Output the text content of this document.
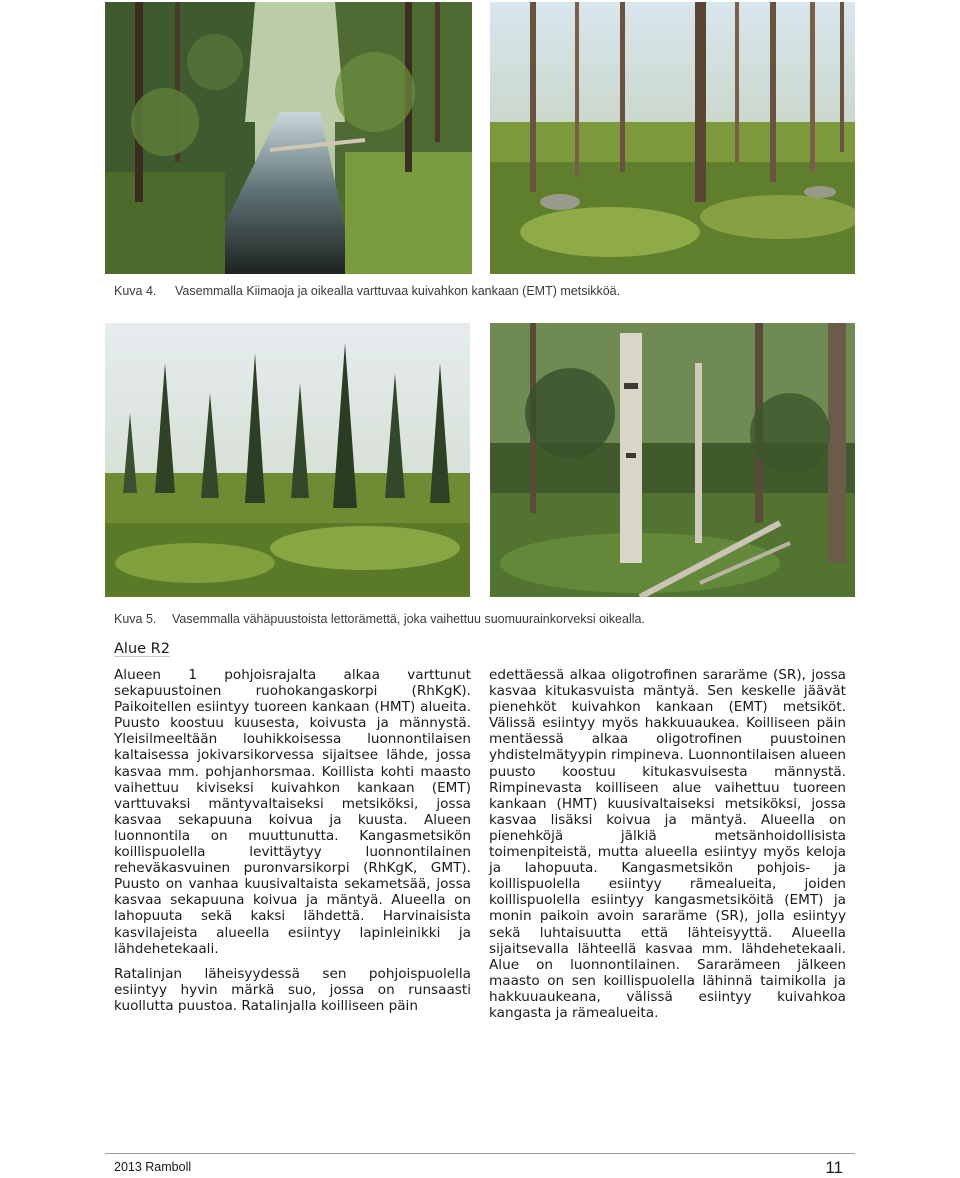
Kuva 4. Vasemmalla Kiimaoja ja oikealla varttuvaa kuivahkon kankaan (EMT) metsikköä.
Kuva 5. Vasemmalla vähäpuustoista lettorämettä, joka vaihettuu suomuurainkorveksi oikealla.
Alue R2

Alueen 1 pohjoisrajalta alkaa varttunut sekapuustoinen ruohokangaskorpi (RhKgK). Paikoitellen esiintyy tuoreen kankaan (HMT) alueita. Puusto koostuu kuusesta, koivusta ja männystä. Yleisilmeeltään louhikkoisessa luonnontilaisen kaltaisessa jokivarsikorvessa sijaitsee lähde, jossa kasvaa mm. pohjanhorsmaa. Koillista kohti maasto vaihettuu kiviseksi kuivahkon kankaan (EMT) varttuvaksi mäntyvaltaiseksi metsiköksi, jossa kasvaa sekapuuna koivua ja kuusta. Alueen luonnontila on muuttunutta. Kangasmetsikön koillispuolella levittäytyy luonnontilainen reheväkasvuinen puronvarsikorpi (RhKgK, GMT). Puusto on vanhaa kuusivaltaista sekametsää, jossa kasvaa sekapuuna koivua ja mäntyä. Alueella on lahopuuta sekä kaksi lähdettä. Harvinaisista kasvilajeista alueella esiintyy lapinleinikki ja lähdehetekaali.

Ratalinjan läheisyydessä sen pohjoispuolella esiintyy hyvin märkä suo, jossa on runsaasti kuollutta puustoa. Ratalinjalla koilliseen päin

edettäessä alkaa oligotrofinen sararäme (SR), jossa kasvaa kitukasvuista mäntyä. Sen keskelle jäävät pienehköt kuivahkon kankaan (EMT) metsiköt. Välissä esiintyy myös hakkuuaukea. Koilliseen päin mentäessä alkaa oligotrofinen puustoinen yhdistelmätyypin rimpineva. Luonnontilaisen alueen puusto koostuu kitukasvuisesta männystä. Rimpinevasta koilliseen alue vaihettuu tuoreen kankaan (HMT) kuusivaltaiseksi metsiköksi, jossa kasvaa lisäksi koivua ja mäntyä. Alueella on pienehköjä jälkiä metsänhoidollisista toimenpiteistä, mutta alueella esiintyy myös keloja ja lahopuuta. Kangasmetsikön pohjois- ja koillispuolella esiintyy rämealueita, joiden koillispuolella esiintyy kangasmetsiköitä (EMT) ja monin paikoin avoin sararäme (SR), jolla esiintyy sekä luhtaisuutta että lähteisyyttä. Alueella sijaitsevalla lähteellä kasvaa mm. lähdehetekaali. Alue on luonnontilainen. Sararämeen jälkeen maasto on sen koillispuolella lähinnä taimikolla ja hakkuuaukeana, välissä esiintyy kuivahkoa kangasta ja rämealueita.

2013 Ramboll	11
